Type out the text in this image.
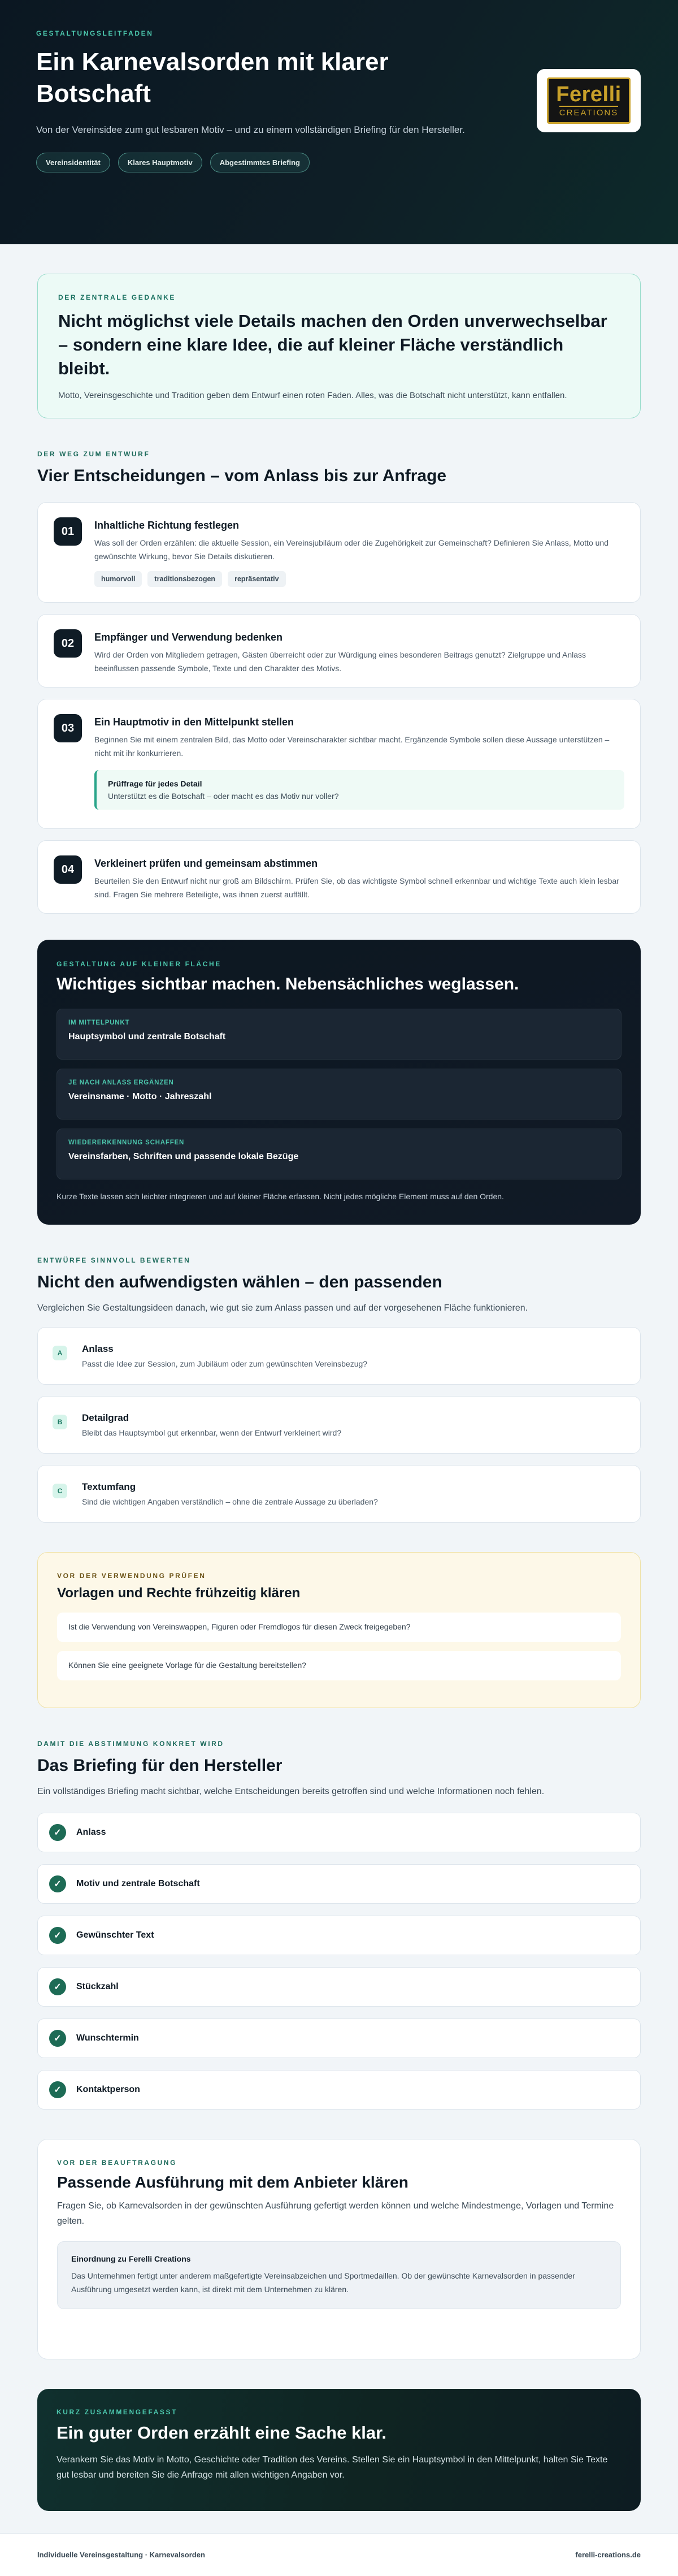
GESTALTUNGSLEITFADEN
Ein Karnevalsorden mit klarer Botschaft

Von der Vereinsidee zum gut lesbaren Motiv – und zu einem vollständigen Briefing für den Hersteller.

Vereinsidentität	Klares Hauptmotiv	Abgestimmtes Briefing
Ferelli
CREATIONS
DER ZENTRALE GEDANKE
Nicht möglichst viele Details machen den Orden unverwechselbar – sondern eine klare Idee, die auf kleiner Fläche verständlich bleibt.

Motto, Vereinsgeschichte und Tradition geben dem Entwurf einen roten Faden. Alles, was die Botschaft nicht unterstützt, kann entfallen.

DER WEG ZUM ENTWURF
Vier Entscheidungen – vom Anlass bis zur Anfrage
01	Inhaltliche Richtung festlegen

Was soll der Orden erzählen: die aktuelle Session, ein Vereinsjubiläum oder die Zugehörigkeit zur Gemeinschaft? Definieren Sie Anlass, Motto und gewünschte Wirkung, bevor Sie Details diskutieren.

humorvoll	traditionsbezogen	repräsentativ
02	Empfänger und Verwendung bedenken

Wird der Orden von Mitgliedern getragen, Gästen überreicht oder zur Würdigung eines besonderen Beitrags genutzt? Zielgruppe und Anlass beeinflussen passende Symbole, Texte und den Charakter des Motivs.

03	Ein Hauptmotiv in den Mittelpunkt stellen

Beginnen Sie mit einem zentralen Bild, das Motto oder Vereinscharakter sichtbar macht. Ergänzende Symbole sollen diese Aussage unterstützen – nicht mit ihr konkurrieren.

Prüffrage für jedes Detail
Unterstützt es die Botschaft – oder macht es das Motiv nur voller?
04	Verkleinert prüfen und gemeinsam abstimmen

Beurteilen Sie den Entwurf nicht nur groß am Bildschirm. Prüfen Sie, ob das wichtigste Symbol schnell erkennbar und wichtige Texte auch klein lesbar sind. Fragen Sie mehrere Beteiligte, was ihnen zuerst auffällt.

GESTALTUNG AUF KLEINER FLÄCHE
Wichtiges sichtbar machen. Nebensächliches weglassen.
IM MITTELPUNKT
Hauptsymbol und zentrale Botschaft
JE NACH ANLASS ERGÄNZEN
Vereinsname · Motto · Jahreszahl
WIEDERERKENNUNG SCHAFFEN
Vereinsfarben, Schriften und passende lokale Bezüge

Kurze Texte lassen sich leichter integrieren und auf kleiner Fläche erfassen. Nicht jedes mögliche Element muss auf den Orden.

ENTWÜRFE SINNVOLL BEWERTEN
Nicht den aufwendigsten wählen – den passenden

Vergleichen Sie Gestaltungsideen danach, wie gut sie zum Anlass passen und auf der vorgesehenen Fläche funktionieren.

A	Anlass

Passt die Idee zur Session, zum Jubiläum oder zum gewünschten Vereinsbezug?

B	Detailgrad

Bleibt das Hauptsymbol gut erkennbar, wenn der Entwurf verkleinert wird?

C	Textumfang

Sind die wichtigen Angaben verständlich – ohne die zentrale Aussage zu überladen?

VOR DER VERWENDUNG PRÜFEN
Vorlagen und Rechte frühzeitig klären
Ist die Verwendung von Vereinswappen, Figuren oder Fremdlogos für diesen Zweck freigegeben?
Können Sie eine geeignete Vorlage für die Gestaltung bereitstellen?
DAMIT DIE ABSTIMMUNG KONKRET WIRD
Das Briefing für den Hersteller

Ein vollständiges Briefing macht sichtbar, welche Entscheidungen bereits getroffen sind und welche Informationen noch fehlen.

✓	Anlass
✓	Motiv und zentrale Botschaft
✓	Gewünschter Text
✓	Stückzahl
✓	Wunschtermin
✓	Kontaktperson
VOR DER BEAUFTRAGUNG
Passende Ausführung mit dem Anbieter klären

Fragen Sie, ob Karnevalsorden in der gewünschten Ausführung gefertigt werden können und welche Mindestmenge, Vorlagen und Termine gelten.

Einordnung zu Ferelli Creations
Das Unternehmen fertigt unter anderem maßgefertigte Vereinsabzeichen und Sportmedaillen. Ob der gewünschte Karnevalsorden in passender Ausführung umgesetzt werden kann, ist direkt mit dem Unternehmen zu klären.
KURZ ZUSAMMENGEFASST
Ein guter Orden erzählt eine Sache klar.

Verankern Sie das Motiv in Motto, Geschichte oder Tradition des Vereins. Stellen Sie ein Hauptsymbol in den Mittelpunkt, halten Sie Texte gut lesbar und bereiten Sie die Anfrage mit allen wichtigen Angaben vor.

Individuelle Vereinsgestaltung · Karnevalsorden	ferelli-creations.de
